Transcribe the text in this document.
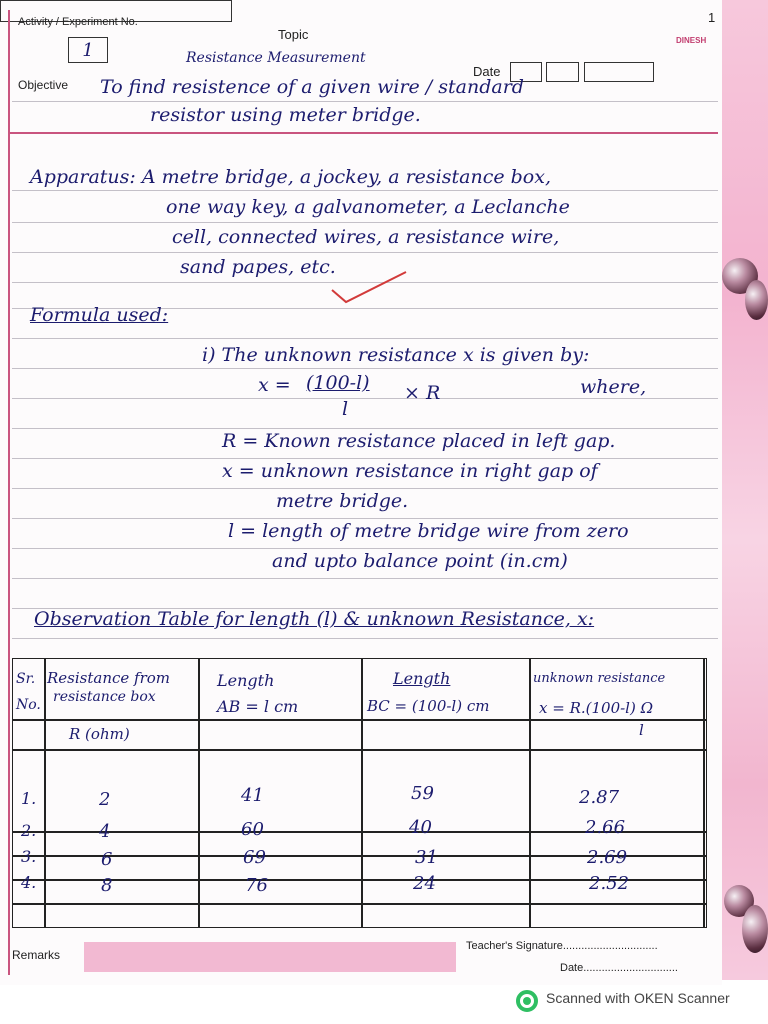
Activity / Experiment No.
1
Topic
Resistance Measurement
Date
1
DINESH
Objective To find resistence of a given wire / standard
resistor using meter bridge.
Apparatus: A metre bridge, a jockey, a resistance box,
one way key, a galvanometer, a Leclanche
cell, connected wires, a resistance wire,
sand papes, etc.
Formula used:
i) The unknown resistance x is given by:
x = (100-l) × R
l
where,
R = Known resistance placed in left gap.
x = unknown resistance in right gap of
metre bridge.
l = length of metre bridge wire from zero
and upto balance point (in.cm)
Observation Table for length (l) & unknown Resistance, x:
Sr.
No.
Resistance from
resistance box
R (ohm)
Length
AB = l cm
Length
BC = (100-l) cm
unknown resistance
x = R.(100-l) Ω
l
1.	2	41	59	2.87
2.	4	60	40	2.66
3.	6	69	31	2.69
4.	8	76	24	2.52
Remarks
Teacher's Signature...............................
Date...............................
Scanned with OKEN Scanner
